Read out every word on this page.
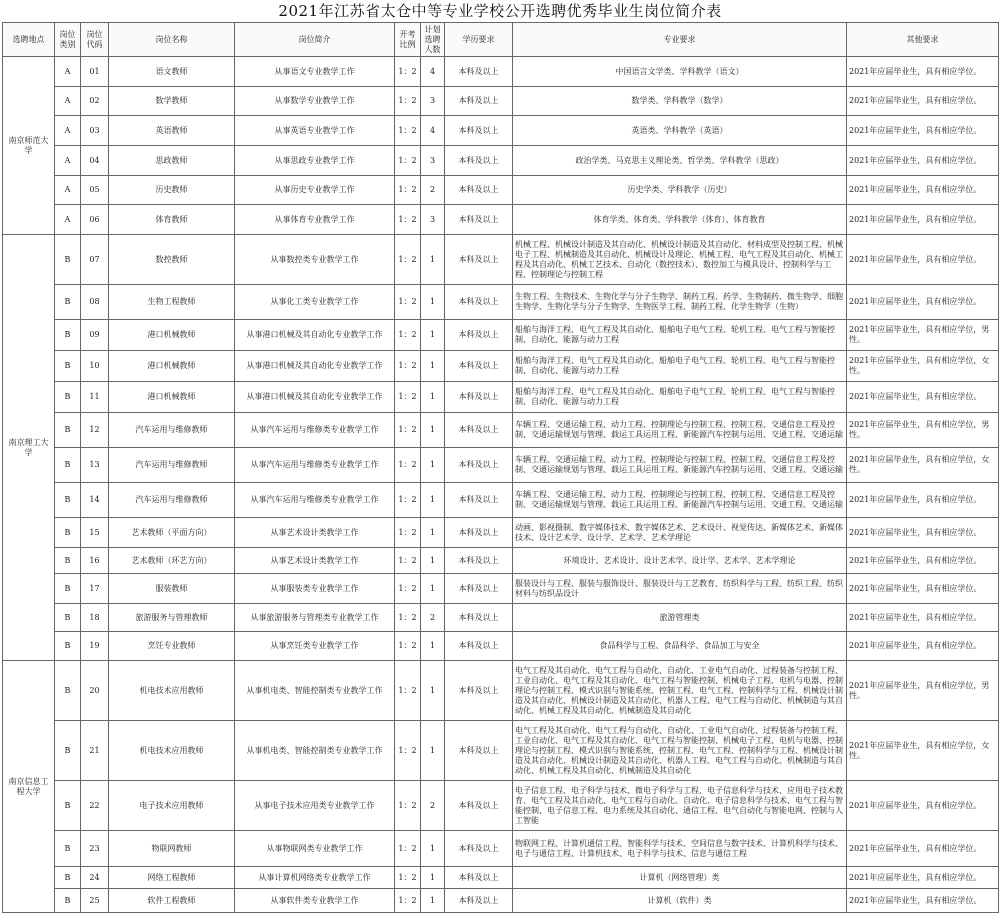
2021年江苏省太仓中等专业学校公开选聘优秀毕业生岗位简介表
选聘地点	岗位类别	岗位代码	岗位名称	岗位简介	开考比例	计划选聘人数	学历要求	专业要求	其他要求
南京师范大学	A	01	语文教师	从事语文专业教学工作	1：2	4	本科及以上	中国语言文学类、学科教学（语文）	2021年应届毕业生，具有相应学位。
	A	02	数学教师	从事数学专业教学工作	1：2	3	本科及以上	数学类、学科教学（数学）	2021年应届毕业生，具有相应学位。
	A	03	英语教师	从事英语专业教学工作	1：2	4	本科及以上	英语类、学科教学（英语）	2021年应届毕业生，具有相应学位。
	A	04	思政教师	从事思政专业教学工作	1：2	3	本科及以上	政治学类、马克思主义理论类、哲学类、学科教学（思政）	2021年应届毕业生，具有相应学位。
	A	05	历史教师	从事历史专业教学工作	1：2	2	本科及以上	历史学类、学科教学（历史）	2021年应届毕业生，具有相应学位。
	A	06	体育教师	从事体育专业教学工作	1：2	3	本科及以上	体育学类、体育类、学科教学（体育）、体育教育	2021年应届毕业生，具有相应学位。
南京理工大学	B	07	数控教师	从事数控类专业教学工作	1：2	1	本科及以上	机械工程、机械设计制造及其自动化、机械设计制造及其自动化、材料成型及控制工程、机械电子工程、机械制造及其自动化、机械设计及理论、机械工程、电气工程及其自动化、机械工程及其自动化、机械工艺技术、自动化（数控技术）、数控加工与模具设计、控制科学与工程、控制理论与控制工程	2021年应届毕业生，具有相应学位。
	B	08	生物工程教师	从事化工类专业教学工作	1：2	1	本科及以上	生物工程、生物技术、生物化学与分子生物学、制药工程、药学、生物制药、微生物学、细胞生物学、生物化学与分子生物学、生物医学工程、制药工程、化学生物学（生物）	2021年应届毕业生，具有相应学位。
	B	09	港口机械教师	从事港口机械及其自动化专业教学工作	1：2	1	本科及以上	船舶与海洋工程、电气工程及其自动化、船舶电子电气工程、轮机工程、电气工程与智能控制、自动化、能源与动力工程	2021年应届毕业生，具有相应学位，男性。
	B	10	港口机械教师	从事港口机械及其自动化专业教学工作	1：2	1	本科及以上	船舶与海洋工程、电气工程及其自动化、船舶电子电气工程、轮机工程、电气工程与智能控制、自动化、能源与动力工程	2021年应届毕业生，具有相应学位，女性。
	B	11	港口机械教师	从事港口机械及其自动化专业教学工作	1：2	1	本科及以上	船舶与海洋工程、电气工程及其自动化、船舶电子电气工程、轮机工程、电气工程与智能控制、自动化、能源与动力工程	2021年应届毕业生，具有相应学位。
	B	12	汽车运用与维修教师	从事汽车运用与维修类专业教学工作	1：2	1	本科及以上	车辆工程、交通运输工程、动力工程、控制理论与控制工程、控制工程、交通信息工程及控制、交通运输规划与管理、载运工具运用工程、新能源汽车控制与运用、交通工程、交通运输	2021年应届毕业生，具有相应学位，男性。
	B	13	汽车运用与维修教师	从事汽车运用与维修类专业教学工作	1：2	1	本科及以上	车辆工程、交通运输工程、动力工程、控制理论与控制工程、控制工程、交通信息工程及控制、交通运输规划与管理、载运工具运用工程、新能源汽车控制与运用、交通工程、交通运输	2021年应届毕业生，具有相应学位，女性。
	B	14	汽车运用与维修教师	从事汽车运用与维修类专业教学工作	1：2	1	本科及以上	车辆工程、交通运输工程、动力工程、控制理论与控制工程、控制工程、交通信息工程及控制、交通运输规划与管理、载运工具运用工程、新能源汽车控制与运用、交通工程、交通运输	2021年应届毕业生，具有相应学位。
	B	15	艺术教师（平面方向）	从事艺术设计类教学工作	1：2	1	本科及以上	动画、影视摄制、数字媒体技术、数字媒体艺术、艺术设计、视觉传达、新媒体艺术、新媒体技术、设计艺术学、设计学、艺术学、艺术学理论	2021年应届毕业生，具有相应学位。
	B	16	艺术教师（环艺方向）	从事艺术设计类教学工作	1：2	1	本科及以上	环境设计、艺术设计、设计艺术学、设计学、艺术学、艺术学理论	2021年应届毕业生，具有相应学位。
	B	17	服装教师	从事服装类专业教学工作	1：2	1	本科及以上	服装设计与工程、服装与服饰设计、服装设计与工艺教育、纺织科学与工程、纺织工程、纺织材料与纺织品设计	2021年应届毕业生，具有相应学位。
	B	18	旅游服务与管理教师	从事旅游服务与管理类专业教学工作	1：2	2	本科及以上	旅游管理类	2021年应届毕业生，具有相应学位。
	B	19	烹饪专业教师	从事烹饪类专业教学工作	1：2	1	本科及以上	食品科学与工程、食品科学、食品加工与安全	2021年应届毕业生，具有相应学位。
南京信息工程大学	B	20	机电技术应用教师	从事机电类、智能控制类专业教学工作	1：2	1	本科及以上	电气工程及其自动化、电气工程与自动化、自动化、工业电气自动化、过程装备与控制工程、工业自动化、电气工程及其自动化、电气工程与智能控制、机械电子工程、电机与电器、控制理论与控制工程、模式识别与智能系统、控制工程、电气工程、控制科学与工程、机械设计制造及其自动化、机械设计制造及其自动化、机器人工程、电气工程与自动化、机械制造与其自动化、机械工程及其自动化、机械制造及其自动化	2021年应届毕业生，具有相应学位，男性。
	B	21	机电技术应用教师	从事机电类、智能控制类专业教学工作	1：2	1	本科及以上	电气工程及其自动化、电气工程与自动化、自动化、工业电气自动化、过程装备与控制工程、工业自动化、电气工程及其自动化、电气工程与智能控制、机械电子工程、电机与电器、控制理论与控制工程、模式识别与智能系统、控制工程、电气工程、控制科学与工程、机械设计制造及其自动化、机械设计制造及其自动化、机器人工程、电气工程与自动化、机械制造与其自动化、机械工程及其自动化、机械制造及其自动化	2021年应届毕业生，具有相应学位，女性。
	B	22	电子技术应用教师	从事电子技术应用类专业教学工作	1：2	2	本科及以上	电子信息工程、电子科学与技术、微电子科学与工程、电子信息科学与技术、应用电子技术教育、电气工程及其自动化、电气工程与自动化、自动化、电子信息科学与技术、电气工程与智能控制、电子信息工程、电力系统及其自动化、通信工程、电气自动化与智能电网、控制与人工智能	2021年应届毕业生，具有相应学位。
	B	23	物联网教师	从事物联网类专业教学工作	1：2	1	本科及以上	物联网工程、计算机通信工程、智能科学与技术、空间信息与数字技术、计算机科学与技术、电子与通信工程、计算机技术、电子科学与技术、信息与通信工程	2021年应届毕业生，具有相应学位。
	B	24	网络工程教师	从事计算机网络类专业教学工作	1：2	1	本科及以上	计算机（网络管理）类	2021年应届毕业生，具有相应学位。
	B	25	软件工程教师	从事软件类专业教学工作	1：2	1	本科及以上	计算机（软件）类	2021年应届毕业生，具有相应学位。
